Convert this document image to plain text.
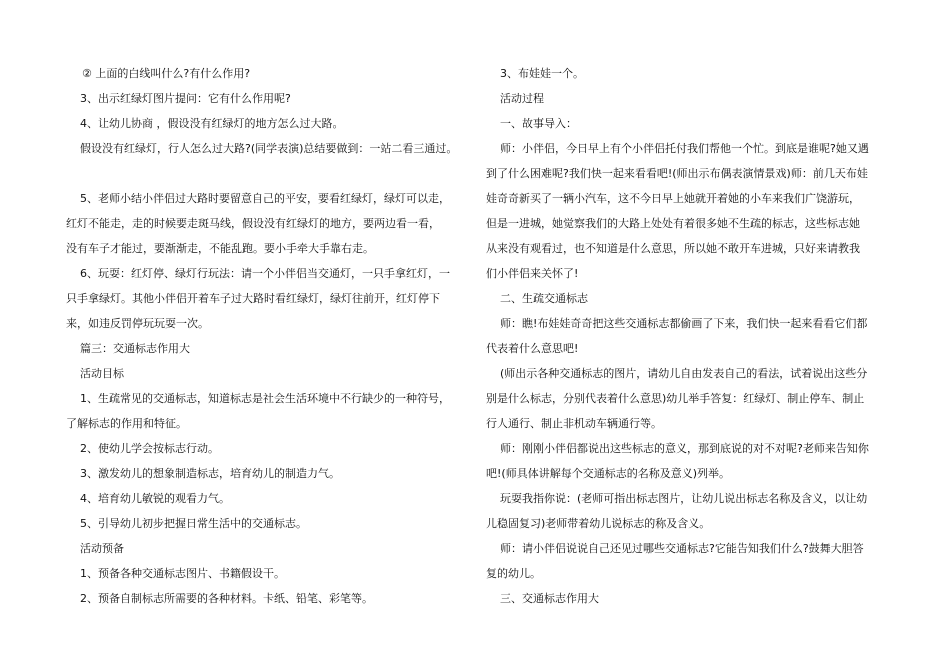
② 上面的白线叫什么?有什么作用?

3、出示红绿灯图片提问：它有什么作用呢?

4、让幼儿协商 ，假设没有红绿灯的地方怎么过大路。

假设没有红绿灯，行人怎么过大路?(同学表演)总结要做到：一站二看三通过。

5、老师小结小伴侣过大路时要留意自己的平安，要看红绿灯，绿灯可以走，

红灯不能走，走的时候要走斑马线，假设没有红绿灯的地方，要两边看一看，

没有车子才能过，要渐渐走，不能乱跑。要小手牵大手靠右走。

6、玩耍：红灯停、绿灯行玩法：请一个小伴侣当交通灯，一只手拿红灯，一

只手拿绿灯。其他小伴侣开着车子过大路时看红绿灯，绿灯往前开，红灯停下

来，如违反罚停玩玩耍一次。

篇三：交通标志作用大

活动目标

1、生疏常见的交通标志，知道标志是社会生活环境中不行缺少的一种符号，

了解标志的作用和特征。

2、使幼儿学会按标志行动。

3、激发幼儿的想象制造标志，培育幼儿的制造力气。

4、培育幼儿敏锐的观看力气。

5、引导幼儿初步把握日常生活中的交通标志。

活动预备

1、预备各种交通标志图片、书籍假设干。

2、预备自制标志所需要的各种材料。卡纸、铅笔、彩笔等。

3、布娃娃一个。

活动过程

一、故事导入：

师：小伴侣，今日早上有个小伴侣托付我们帮他一个忙。到底是谁呢?她又遇

到了什么困难呢?我们快一起来看看吧!(师出示布偶表演情景戏)师：前几天布娃

娃奇奇新买了一辆小汽车，这不今日早上她就开着她的小车来我们广饶游玩，

但是一进城，她觉察我们的大路上处处有着很多她不生疏的标志，这些标志她

从来没有观看过，也不知道是什么意思，所以她不敢开车进城，只好来请教我

们小伴侣来关怀了!

二、生疏交通标志

师：瞧!布娃娃奇奇把这些交通标志都偷画了下来，我们快一起来看看它们都

代表着什么意思吧!

(师出示各种交通标志的图片，请幼儿自由发表自己的看法，试着说出这些分

别是什么标志，分别代表着什么意思)幼儿举手答复：红绿灯、制止停车、制止

行人通行、制止非机动车辆通行等。

师：刚刚小伴侣都说出这些标志的意义，那到底说的对不对呢?老师来告知你

吧!(师具体讲解每个交通标志的名称及意义)列举。

玩耍我指你说：(老师可指出标志图片，让幼儿说出标志名称及含义，以让幼

儿稳固复习)老师带着幼儿说标志的称及含义。

师：请小伴侣说说自己还见过哪些交通标志?它能告知我们什么?鼓舞大胆答

复的幼儿。

三、交通标志作用大
